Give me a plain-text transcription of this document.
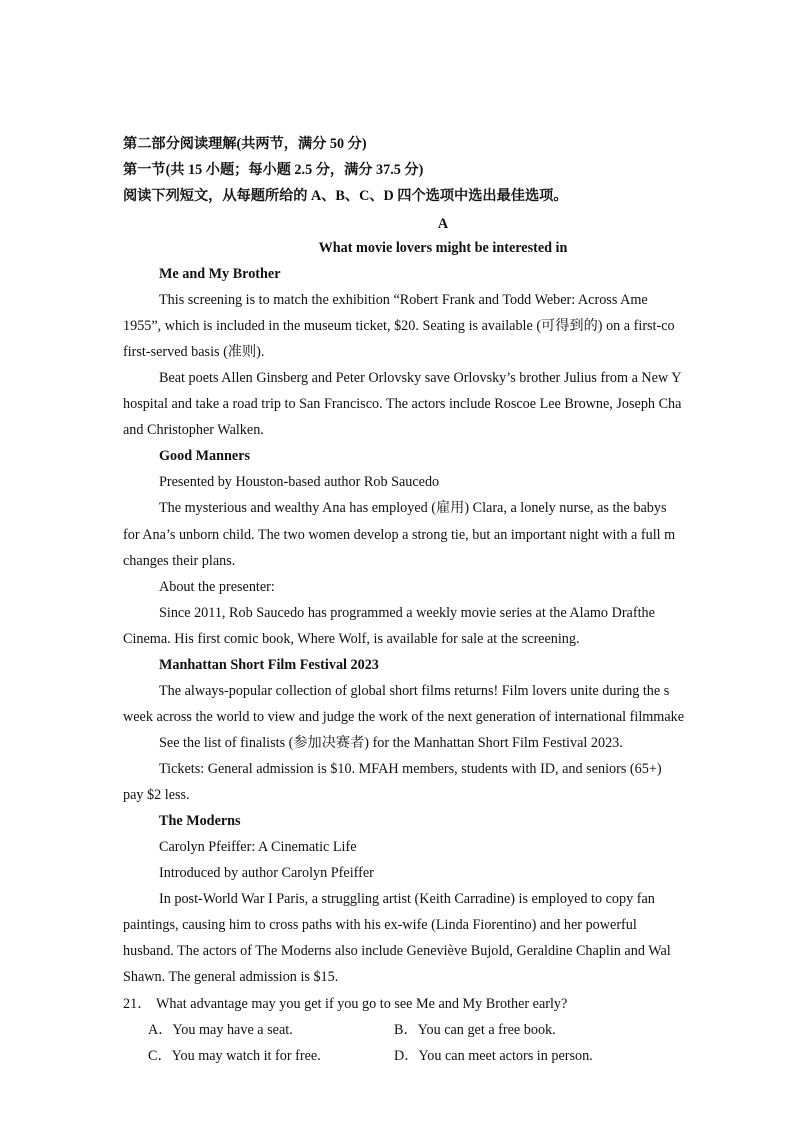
第二部分阅读理解(共两节，满分 50 分)
第一节(共 15 小题；每小题 2.5 分，满分 37.5 分)
阅读下列短文，从每题所给的 A、B、C、D 四个选项中选出最佳选项。
A
What movie lovers might be interested in
Me and My Brother
This screening is to match the exhibition “Robert Frank and Todd Weber: Across Ame
1955”, which is included in the museum ticket, $20. Seating is available (可得到的) on a first-co
first-served basis (准则).
Beat poets Allen Ginsberg and Peter Orlovsky save Orlovsky’s brother Julius from a New Y
hospital and take a road trip to San Francisco. The actors include Roscoe Lee Browne, Joseph Cha
and Christopher Walken.
Good Manners
Presented by Houston-based author Rob Saucedo
The mysterious and wealthy Ana has employed (雇用) Clara, a lonely nurse, as the babys
for Ana’s unborn child. The two women develop a strong tie, but an important night with a full m
changes their plans.
About the presenter:
Since 2011, Rob Saucedo has programmed a weekly movie series at the Alamo Drafthe
Cinema. His first comic book, Where Wolf, is available for sale at the screening.
Manhattan Short Film Festival 2023
The always-popular collection of global short films returns! Film lovers unite during the s
week across the world to view and judge the work of the next generation of international filmmake
See the list of finalists (参加决赛者) for the Manhattan Short Film Festival 2023.
Tickets: General admission is $10. MFAH members, students with ID, and seniors (65+)
pay $2 less.
The Moderns
Carolyn Pfeiffer: A Cinematic Life
Introduced by author Carolyn Pfeiffer
In post-World War I Paris, a struggling artist (Keith Carradine) is employed to copy fan
paintings, causing him to cross paths with his ex-wife (Linda Fiorentino) and her powerful
husband. The actors of The Moderns also include Geneviève Bujold, Geraldine Chaplin and Wal
Shawn. The general admission is $15.
21． What advantage may you get if you go to see Me and My Brother early?
A．You may have a seat.	B．You can get a free book.
C．You may watch it for free.	D．You can meet actors in person.
